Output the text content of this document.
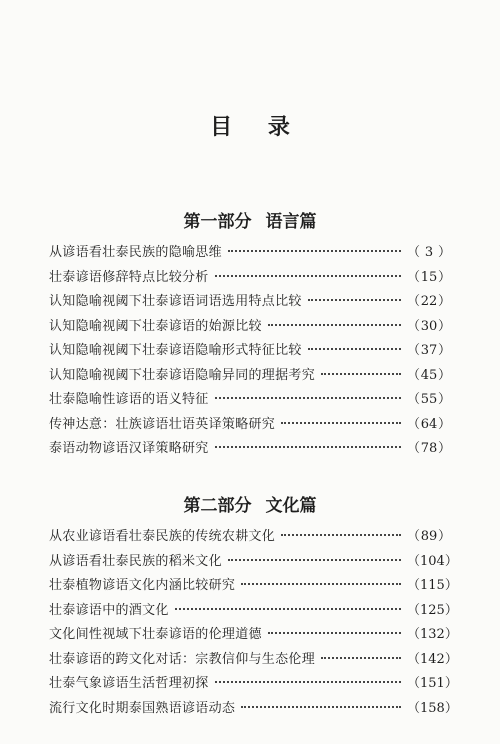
目 录
第一部分 语言篇
从谚语看壮泰民族的隐喻思维	（ 3 ）
壮泰谚语修辞特点比较分析	（ 15 ）
认知隐喻视阈下壮泰谚语词语选用特点比较	（ 22 ）
认知隐喻视阈下壮泰谚语的始源比较	（ 30 ）
认知隐喻视阈下壮泰谚语隐喻形式特征比较	（ 37 ）
认知隐喻视阈下壮泰谚语隐喻异同的理据考究	（ 45 ）
壮泰隐喻性谚语的语义特征	（ 55 ）
传神达意：壮族谚语壮语英译策略研究	（ 64 ）
泰语动物谚语汉译策略研究	（ 78 ）
第二部分 文化篇
从农业谚语看壮泰民族的传统农耕文化	（ 89 ）
从谚语看壮泰民族的稻米文化	（ 104 ）
壮泰植物谚语文化内涵比较研究	（ 115 ）
壮泰谚语中的酒文化	（ 125 ）
文化间性视域下壮泰谚语的伦理道德	（ 132 ）
壮泰谚语的跨文化对话：宗教信仰与生态伦理	（ 142 ）
壮泰气象谚语生活哲理初探	（ 151 ）
流行文化时期泰国熟语谚语动态	（ 158 ）
